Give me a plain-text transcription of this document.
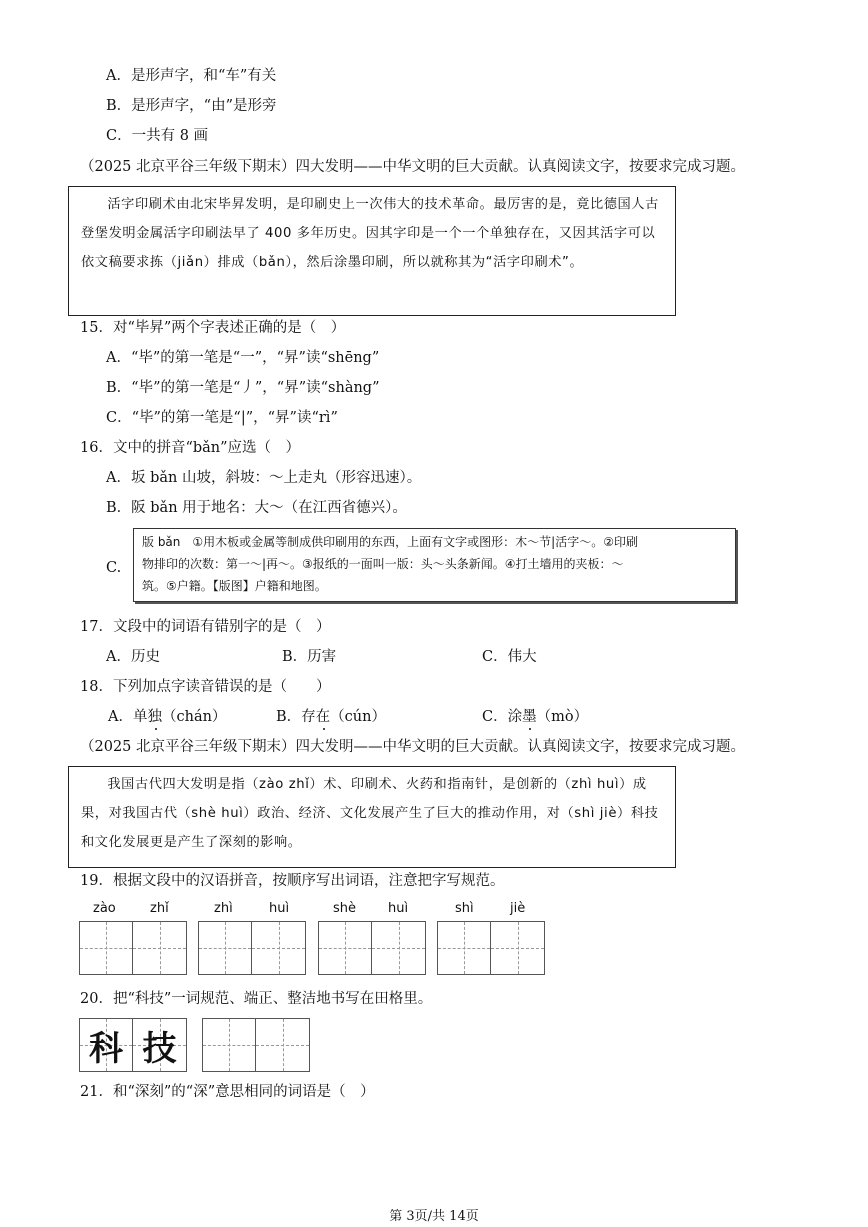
A．是形声字，和“车”有关
B．是形声字，“由”是形旁
C．一共有 8 画
（2025 北京平谷三年级下期末）四大发明——中华文明的巨大贡献。认真阅读文字，按要求完成习题。
活字印刷术由北宋毕昇发明，是印刷史上一次伟大的技术革命。最厉害的是，竟比德国人古登堡发明金属活字印刷法早了 400 多年历史。因其字印是一个一个单独存在，又因其活字可以依文稿要求拣（jiǎn）排成（bǎn），然后涂墨印刷，所以就称其为“活字印刷术”。
15．对“毕昇”两个字表述正确的是（　）
A．“毕”的第一笔是“一”，“昇”读“shēng”
B．“毕”的第一笔是“丿”，“昇”读“shàng”
C．“毕”的第一笔是“|”，“昇”读“rì”
16．文中的拼音“bǎn”应选（　）
A．坂 bǎn 山坡，斜坡：～上走丸（形容迅速）。
B．阪 bǎn 用于地名：大～（在江西省德兴）。
C.
版 bǎn　①用木板或金属等制成供印刷用的东西，上面有文字或图形：木～节|活字～。②印刷
物排印的次数：第一～|再～。③报纸的一面叫一版：头～头条新闻。④打土墙用的夹板：～
筑。⑤户籍。【版图】户籍和地图。
17．文段中的词语有错别字的是（　）
A．历史	B．历害	C．伟大
18．下列加点字读音错误的是（　　）
A．单独（chán）	B．存在（cún）	C．涂墨（mò）
（2025 北京平谷三年级下期末）四大发明——中华文明的巨大贡献。认真阅读文字，按要求完成习题。
我国古代四大发明是指（zào zhǐ）术、印刷术、火药和指南针，是创新的（zhì huì）成果，对我国古代（shè huì）政治、经济、文化发展产生了巨大的推动作用，对（shì jiè）科技和文化发展更是产生了深刻的影响。
19．根据文段中的汉语拼音，按顺序写出词语，注意把字写规范。
zào	zhǐ	zhì	huì	shè huì	shì	jiè
20．把“科技”一词规范、端正、整洁地书写在田格里。
科 技
21．和“深刻”的“深”意思相同的词语是（　）
第 3页/共 14页
